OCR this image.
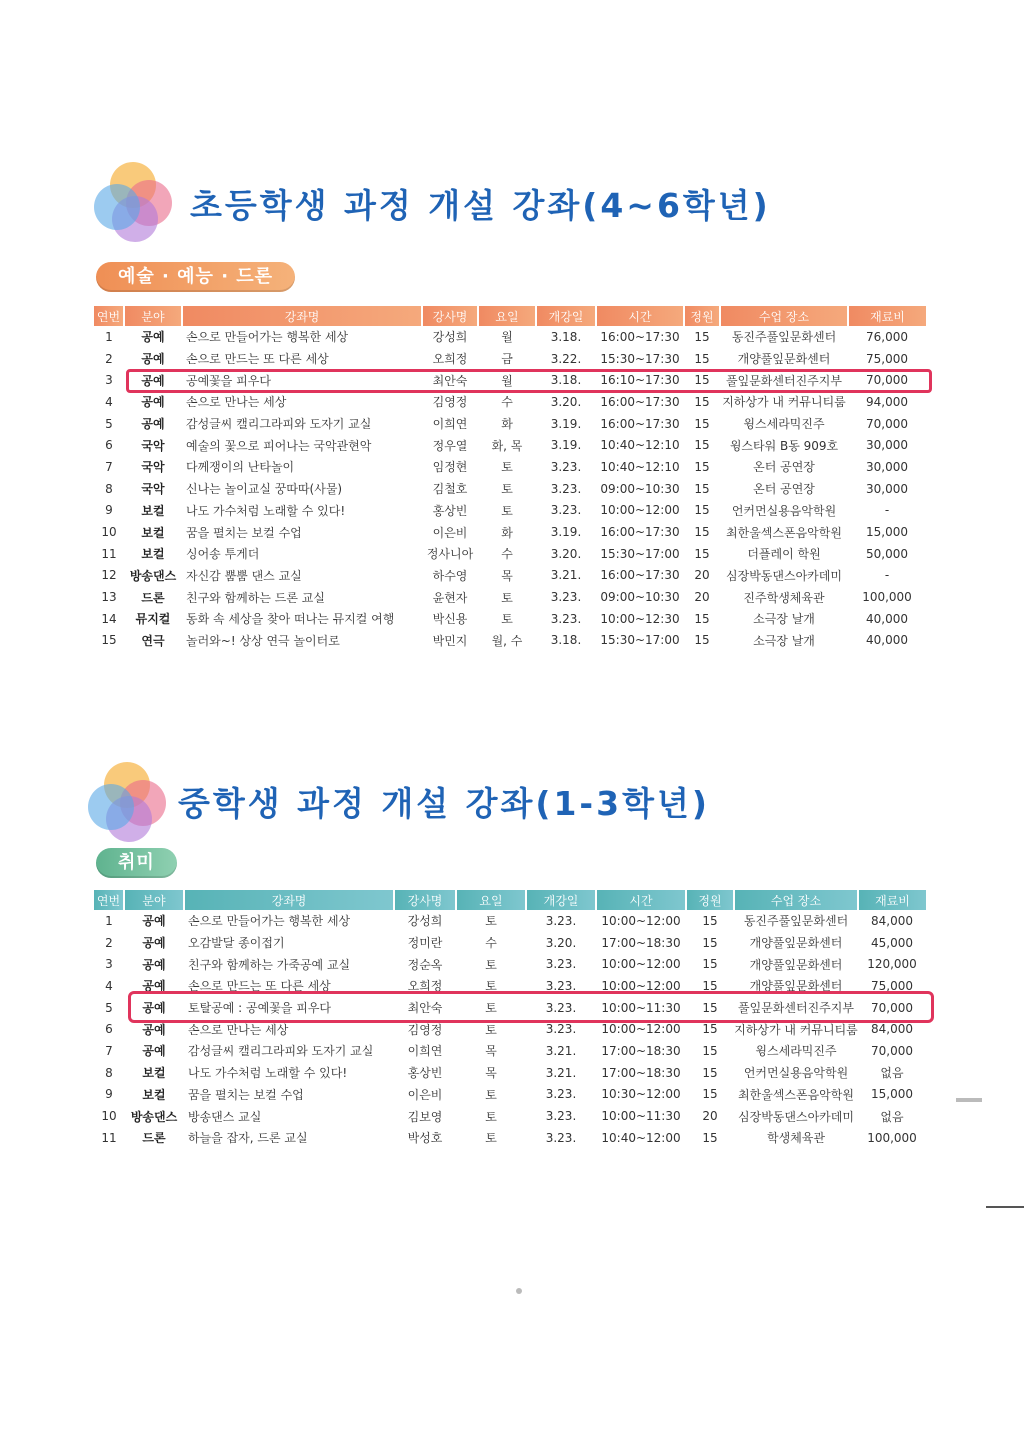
초등학생 과정 개설 강좌(4~6학년)
예술 · 예능 · 드론
연번	분야	강좌명	강사명	요일	개강일	시간	정원	수업 장소	재료비
1	공예	손으로 만들어가는 행복한 세상	강성희	월	3.18.	16:00~17:30	15	동진주풀잎문화센터	76,000
2	공예	손으로 만드는 또 다른 세상	오희정	금	3.22.	15:30~17:30	15	개양풀잎문화센터	75,000
3	공예	공예꽃을 피우다	최안숙	월	3.18.	16:10~17:30	15	풀잎문화센터진주지부	70,000
4	공예	손으로 만나는 세상	김영정	수	3.20.	16:00~17:30	15	지하상가 내 커뮤니티룸	94,000
5	공예	감성글씨 캘리그라피와 도자기 교실	이희연	화	3.19.	16:00~17:30	15	윙스세라믹진주	70,000
6	국악	예술의 꽃으로 피어나는 국악관현악	정우열	화, 목	3.19.	10:40~12:10	15	윙스타워 B동 909호	30,000
7	국악	다께쟁이의 난타놀이	임정현	토	3.23.	10:40~12:10	15	온터 공연장	30,000
8	국악	신나는 놀이교실 꿍따따(사물)	김철호	토	3.23.	09:00~10:30	15	온터 공연장	30,000
9	보컬	나도 가수처럼 노래할 수 있다!	홍상빈	토	3.23.	10:00~12:00	15	언커먼실용음악학원	-
10	보컬	꿈을 펼치는 보컬 수업	이은비	화	3.19.	16:00~17:30	15	최한울섹스폰음악학원	15,000
11	보컬	싱어송 투게더	정사니아	수	3.20.	15:30~17:00	15	더플레이 학원	50,000
12	방송댄스	자신감 뿜뿜 댄스 교실	하수영	목	3.21.	16:00~17:30	20	심장박동댄스아카데미	-
13	드론	친구와 함께하는 드론 교실	윤현자	토	3.23.	09:00~10:30	20	진주학생체육관	100,000
14	뮤지컬	동화 속 세상을 찾아 떠나는 뮤지컬 여행	박신용	토	3.23.	10:00~12:30	15	소극장 날개	40,000
15	연극	놀러와~! 상상 연극 놀이터로	박민지	월, 수	3.18.	15:30~17:00	15	소극장 날개	40,000
중학생 과정 개설 강좌(1-3학년)
취미
연번	분야	강좌명	강사명	요일	개강일	시간	정원	수업 장소	재료비
1	공예	손으로 만들어가는 행복한 세상	강성희	토	3.23.	10:00~12:00	15	동진주풀잎문화센터	84,000
2	공예	오감발달 종이접기	정미란	수	3.20.	17:00~18:30	15	개양풀잎문화센터	45,000
3	공예	친구와 함께하는 가죽공예 교실	정순옥	토	3.23.	10:00~12:00	15	개양풀잎문화센터	120,000
4	공예	손으로 만드는 또 다른 세상	오희정	토	3.23.	10:00~12:00	15	개양풀잎문화센터	75,000
5	공예	토탈공예 : 공예꽃을 피우다	최안숙	토	3.23.	10:00~11:30	15	풀잎문화센터진주지부	70,000
6	공예	손으로 만나는 세상	김영정	토	3.23.	10:00~12:00	15	지하상가 내 커뮤니티룸	84,000
7	공예	감성글씨 캘리그라피와 도자기 교실	이희연	목	3.21.	17:00~18:30	15	윙스세라믹진주	70,000
8	보컬	나도 가수처럼 노래할 수 있다!	홍상빈	목	3.21.	17:00~18:30	15	언커먼실용음악학원	없음
9	보컬	꿈을 펼치는 보컬 수업	이은비	토	3.23.	10:30~12:00	15	최한울섹스폰음악학원	15,000
10	방송댄스	방송댄스 교실	김보영	토	3.23.	10:00~11:30	20	심장박동댄스아카데미	없음
11	드론	하늘을 잡자, 드론 교실	박성호	토	3.23.	10:40~12:00	15	학생체육관	100,000
